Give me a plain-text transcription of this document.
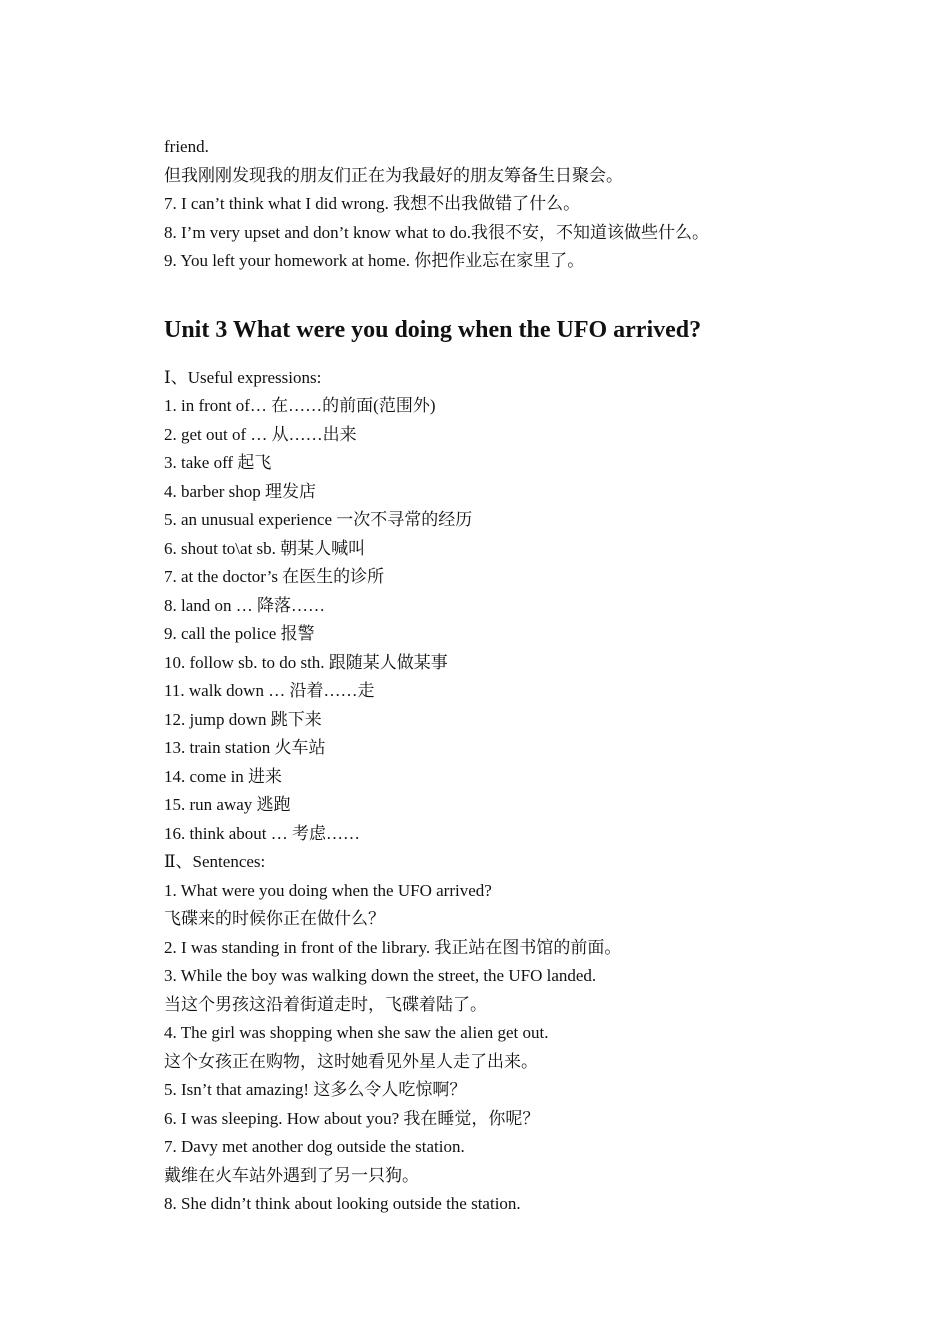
friend.
但我刚刚发现我的朋友们正在为我最好的朋友筹备生日聚会。
7. I can’t think what I did wrong. 我想不出我做错了什么。
8. I’m very upset and don’t know what to do.我很不安，不知道该做些什么。
9. You left your homework at home. 你把作业忘在家里了。
Unit 3 What were you doing when the UFO arrived?
Ⅰ、Useful expressions:
1. in front of… 在……的前面(范围外)
2. get out of … 从……出来
3. take off 起飞
4. barber shop 理发店
5. an unusual experience 一次不寻常的经历
6. shout to\at sb. 朝某人喊叫
7. at the doctor’s 在医生的诊所
8. land on … 降落……
9. call the police 报警
10. follow sb. to do sth. 跟随某人做某事
11. walk down … 沿着……走
12. jump down 跳下来
13. train station 火车站
14. come in 进来
15. run away 逃跑
16. think about … 考虑……
Ⅱ、Sentences:
1. What were you doing when the UFO arrived?
飞碟来的时候你正在做什么？
2. I was standing in front of the library. 我正站在图书馆的前面。
3. While the boy was walking down the street, the UFO landed.
当这个男孩这沿着街道走时，飞碟着陆了。
4. The girl was shopping when she saw the alien get out.
这个女孩正在购物，这时她看见外星人走了出来。
5. Isn’t that amazing! 这多么令人吃惊啊？
6. I was sleeping. How about you? 我在睡觉，你呢？
7. Davy met another dog outside the station.
戴维在火车站外遇到了另一只狗。
8. She didn’t think about looking outside the station.
